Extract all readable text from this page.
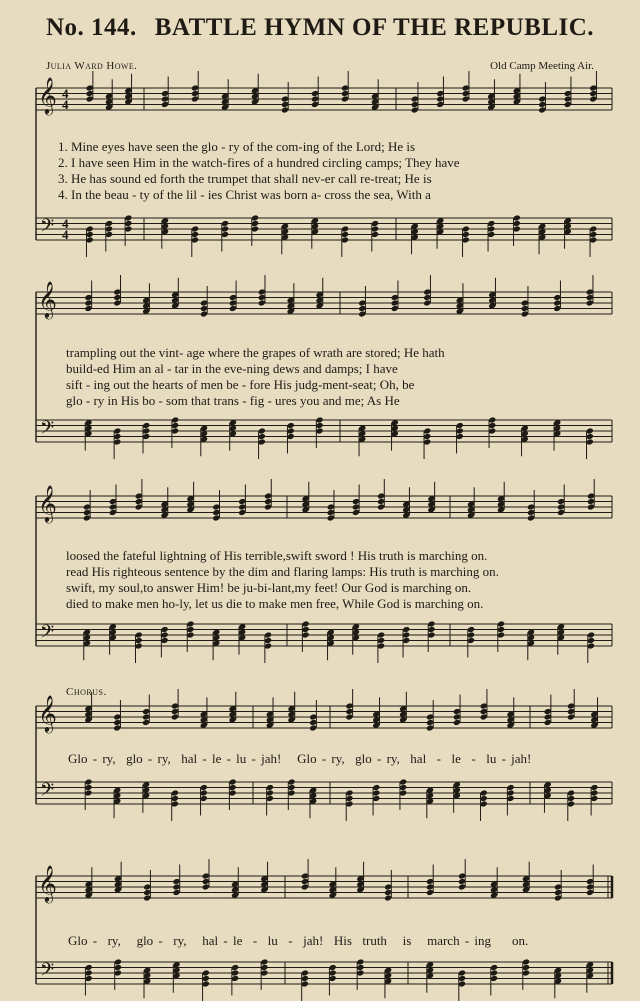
No. 144. BATTLE HYMN OF THE REPUBLIC.
Julia Ward Howe.	Old Camp Meeting Air.
𝄞
𝄢
4
4
4
4
𝄞
𝄢
𝄞
𝄢
𝄞
𝄢
𝄞
𝄢
1. Mine eyes have seen the glo - ry of the com-ing of the Lord; He is
2. I have seen Him in the watch-fires of a hundred circling camps; They have
3. He has sound ed forth the trumpet that shall nev-er call re-treat; He is
4. In the beau - ty of the lil - ies Christ was born a- cross the sea, With a
trampling out the vint- age where the grapes of wrath are stored; He hath
build-ed Him an al - tar in the eve-ning dews and damps; I have
sift - ing out the hearts of men be - fore His judg-ment-seat; Oh, be
glo - ry in His bo - som that trans - fig - ures you and me; As He
loosed the fateful lightning of His terrible,swift sword ! His truth is marching on.
read His righteous sentence by the dim and flaring lamps: His truth is marching on.
swift, my soul,to answer Him! be ju-bi-lant,my feet! Our God is marching on.
died to make men ho-ly, let us die to make men free, While God is marching on.
Chorus.
Glo - ry,  glo - ry,  hal - le - lu - jah!   Glo - ry,  glo - ry,  hal  -  le  -  lu - jah!
Glo -  ry,   glo -  ry,   hal - le  -  lu  -  jah!  His  truth   is   march - ing    on.
